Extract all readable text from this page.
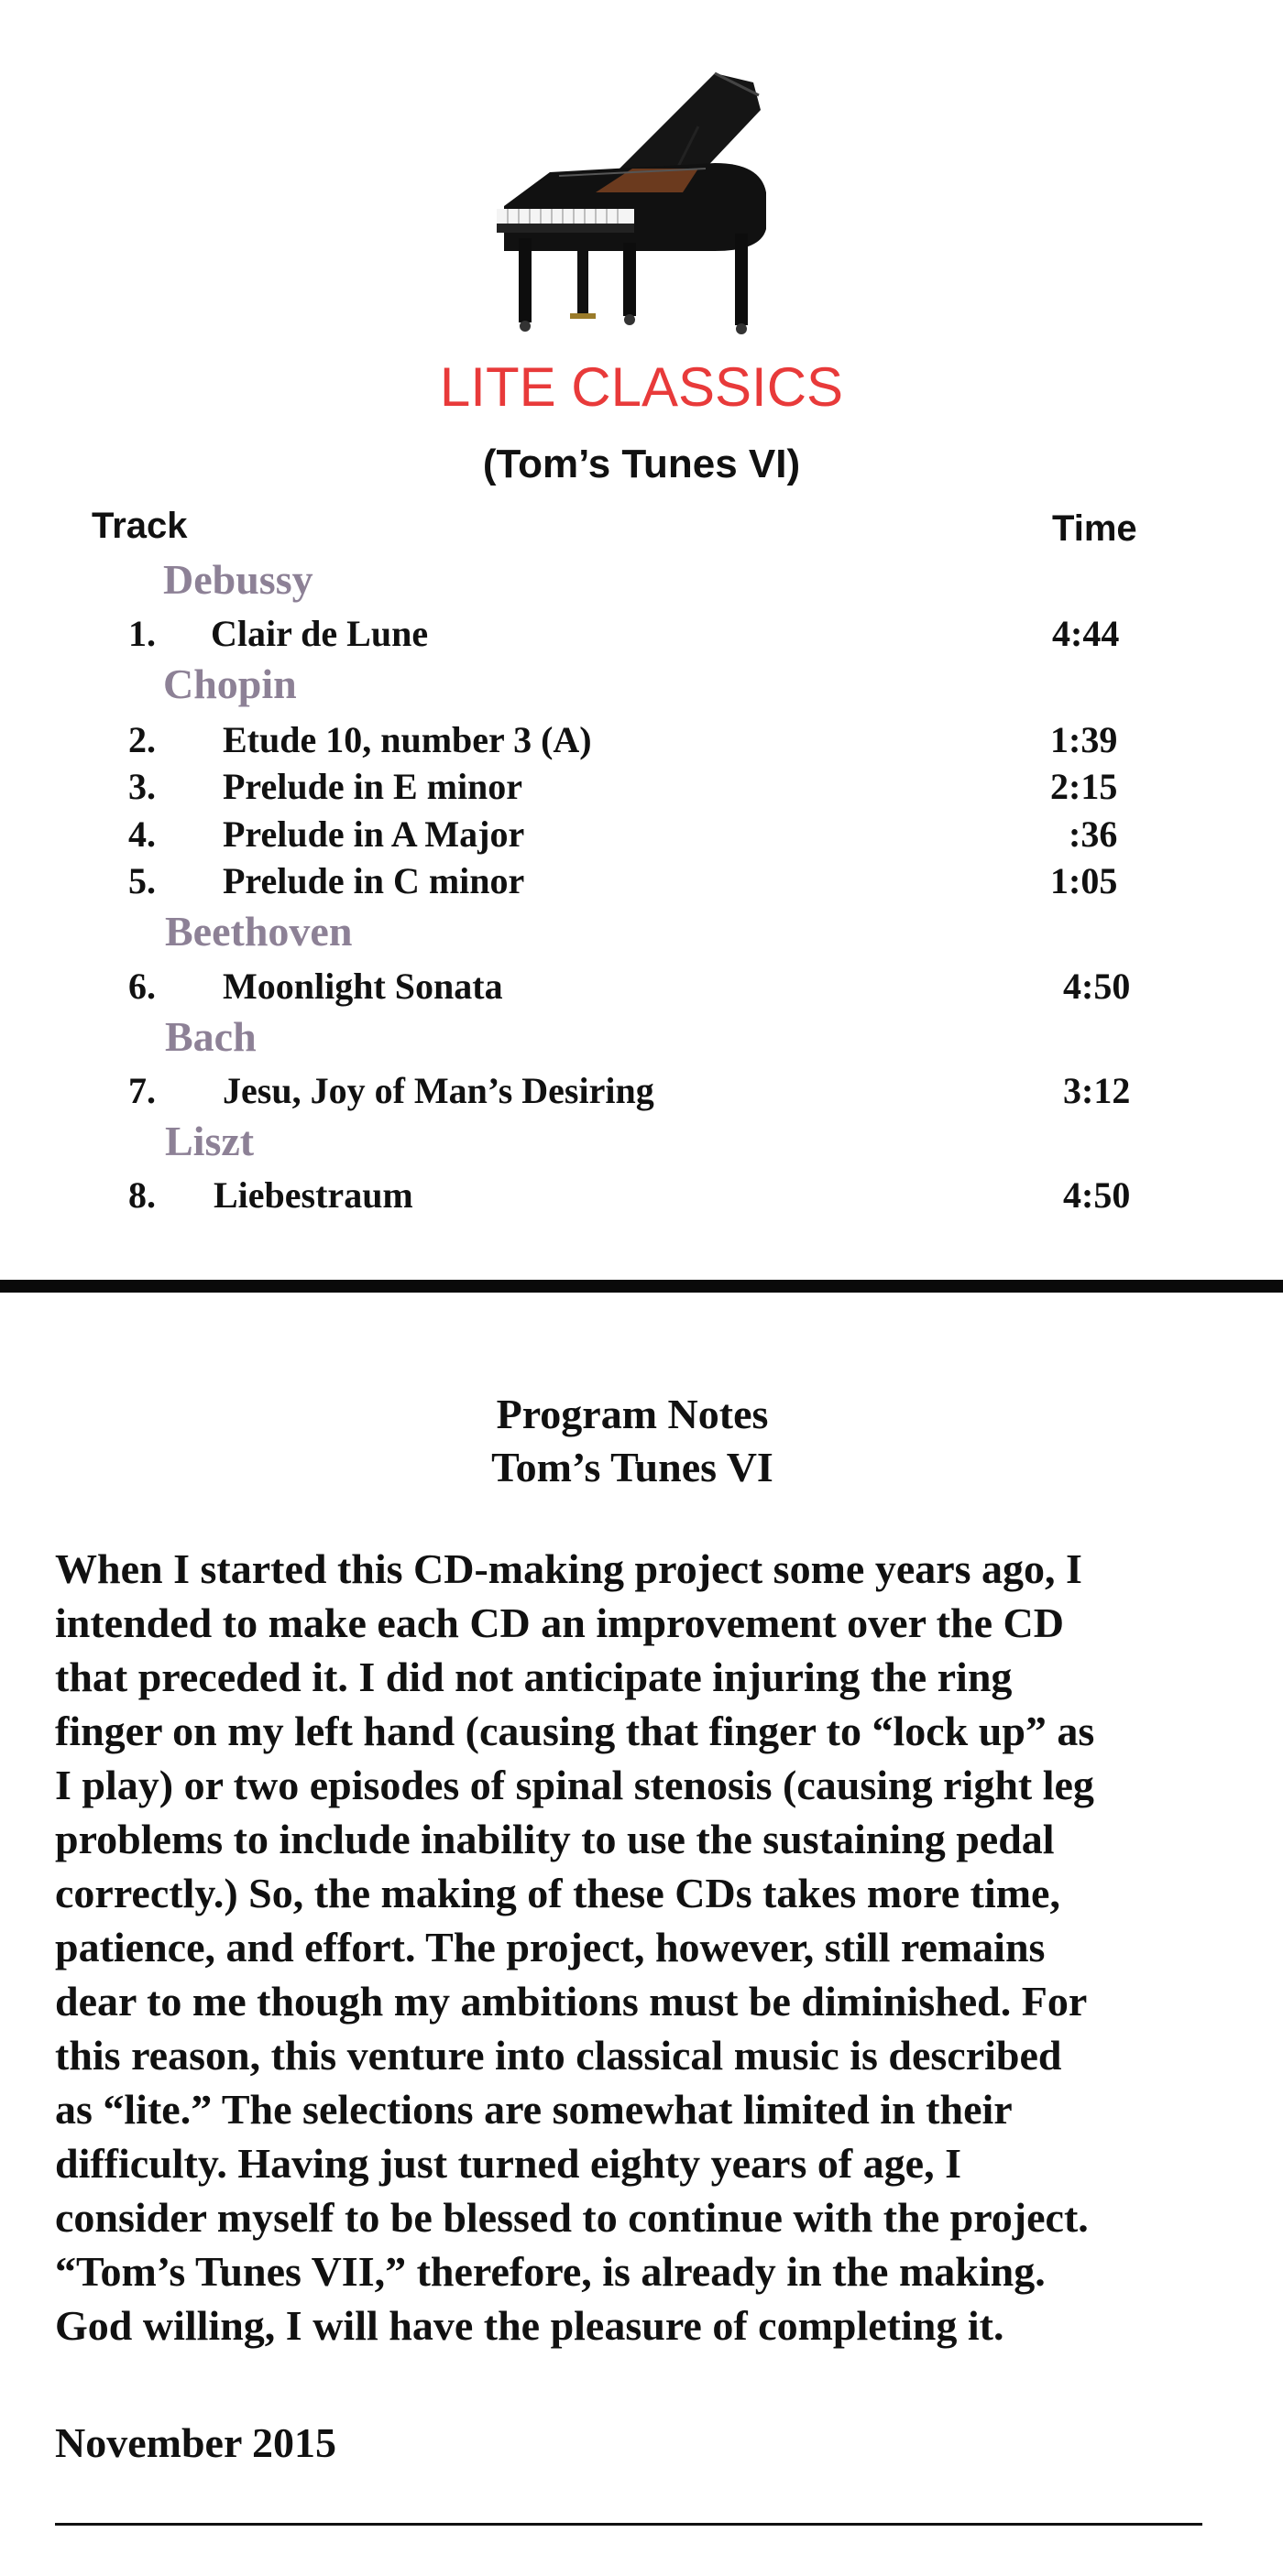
LITE CLASSICS
(Tom’s Tunes VI)
Track	Time
Debussy
1. Clair de Lune	4:44
Chopin
2. Etude 10, number 3 (A)	1:39
3. Prelude in E minor	2:15
4. Prelude in A Major	:36
5. Prelude in C minor	1:05
Beethoven
6. Moonlight Sonata	4:50
Bach
7. Jesu, Joy of Man’s Desiring	3:12
Liszt
8. Liebestraum	4:50
Program Notes
Tom’s Tunes VI
When I started this CD-making project some years ago, I
intended to make each CD an improvement over the CD
that preceded it. I did not anticipate injuring the ring
finger on my left hand (causing that finger to “lock up” as
I play) or two episodes of spinal stenosis (causing right leg
problems to include inability to use the sustaining pedal
correctly.) So, the making of these CDs takes more time,
patience, and effort. The project, however, still remains
dear to me though my ambitions must be diminished. For
this reason, this venture into classical music is described
as “lite.” The selections are somewhat limited in their
difficulty. Having just turned eighty years of age, I
consider myself to be blessed to continue with the project.
“Tom’s Tunes VII,” therefore, is already in the making.
God willing, I will have the pleasure of completing it.
November 2015
